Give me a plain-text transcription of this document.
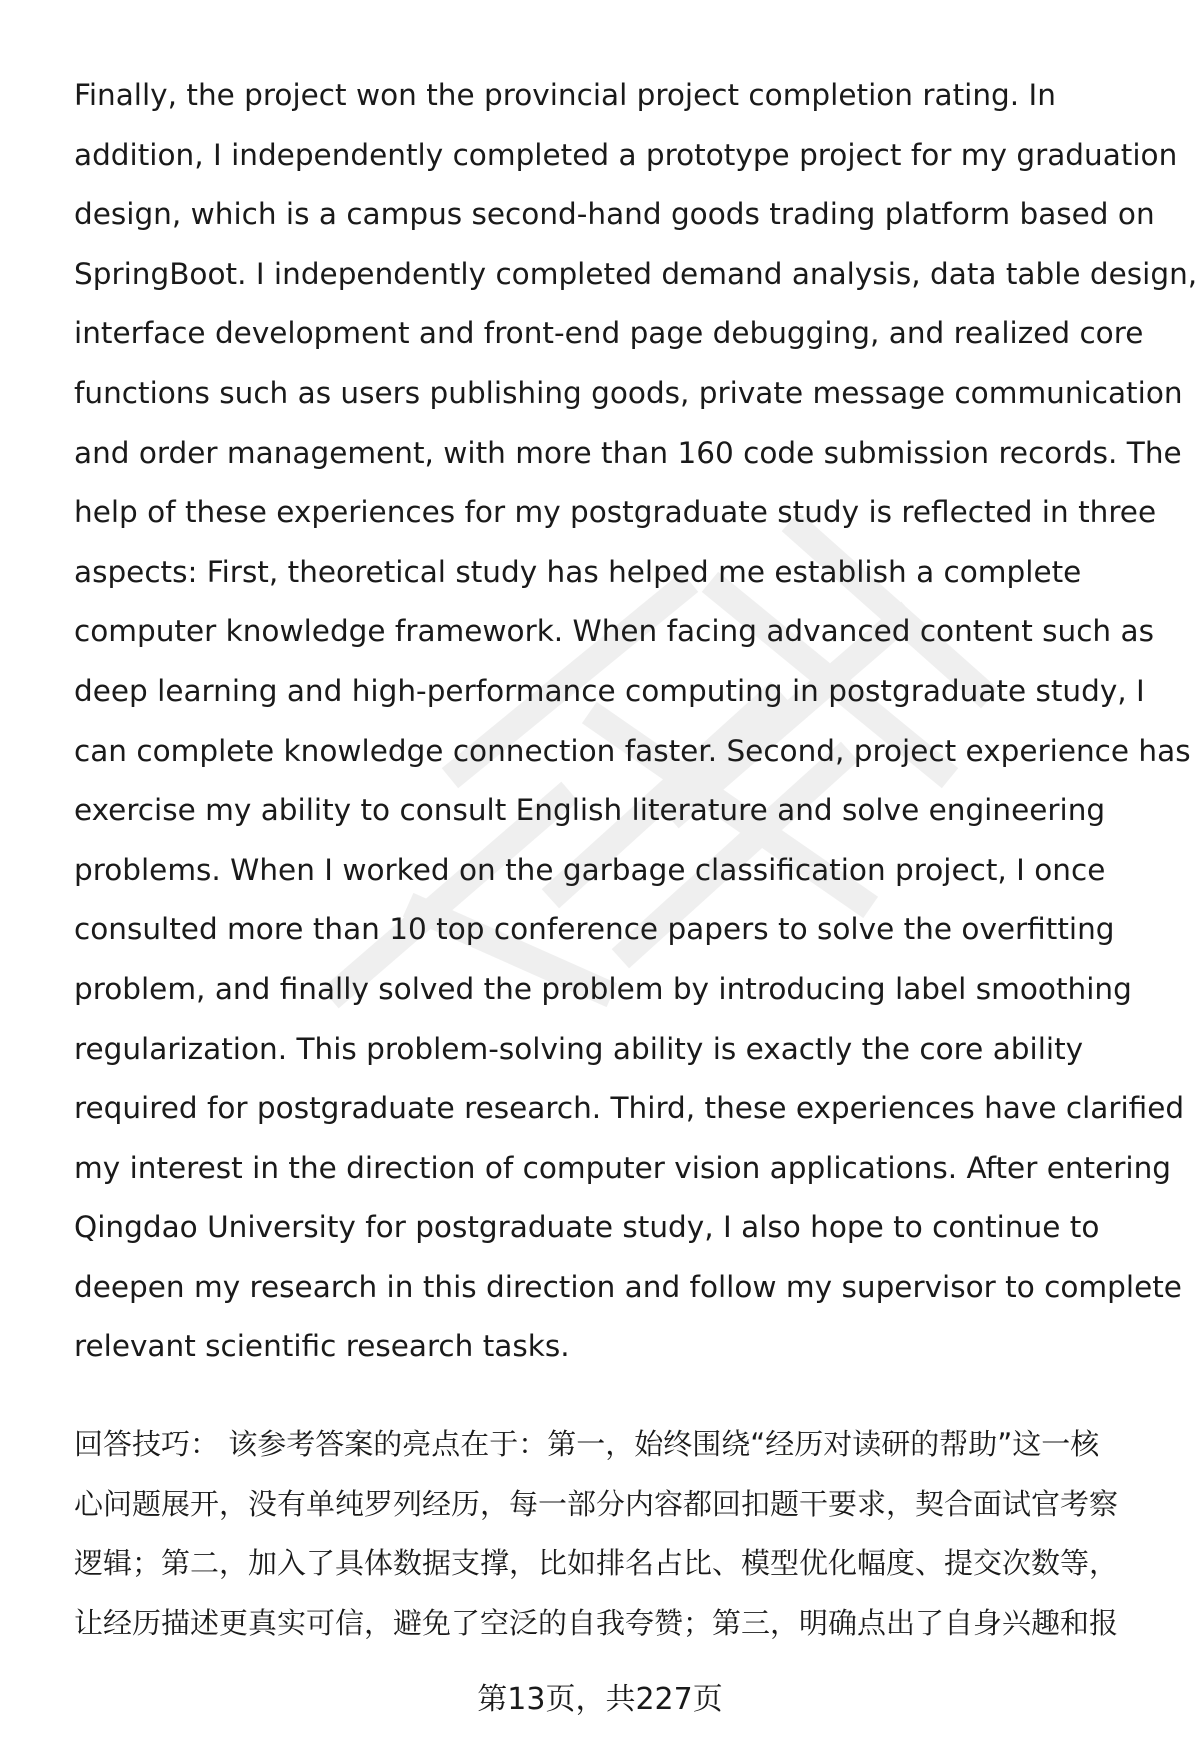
Finally, the project won the provincial project completion rating. In

addition, I independently completed a prototype project for my graduation

design, which is a campus second-hand goods trading platform based on

SpringBoot. I independently completed demand analysis, data table design,

interface development and front-end page debugging, and realized core

functions such as users publishing goods, private message communication

and order management, with more than 160 code submission records. The

help of these experiences for my postgraduate study is reflected in three

aspects: First, theoretical study has helped me establish a complete

computer knowledge framework. When facing advanced content such as

deep learning and high-performance computing in postgraduate study, I

can complete knowledge connection faster. Second, project experience has

exercise my ability to consult English literature and solve engineering

problems. When I worked on the garbage classification project, I once

consulted more than 10 top conference papers to solve the overfitting

problem, and finally solved the problem by introducing label smoothing

regularization. This problem-solving ability is exactly the core ability

required for postgraduate research. Third, these experiences have clarified

my interest in the direction of computer vision applications. After entering

Qingdao University for postgraduate study, I also hope to continue to

deepen my research in this direction and follow my supervisor to complete

relevant scientific research tasks.

回答技巧： 该参考答案的亮点在于：第一，始终围绕“经历对读研的帮助”这一核

心问题展开，没有单纯罗列经历，每一部分内容都回扣题干要求，契合面试官考察

逻辑；第二，加入了具体数据支撑，比如排名占比、模型优化幅度、提交次数等，

让经历描述更真实可信，避免了空泛的自我夸赞；第三，明确点出了自身兴趣和报

第13页，共227页
